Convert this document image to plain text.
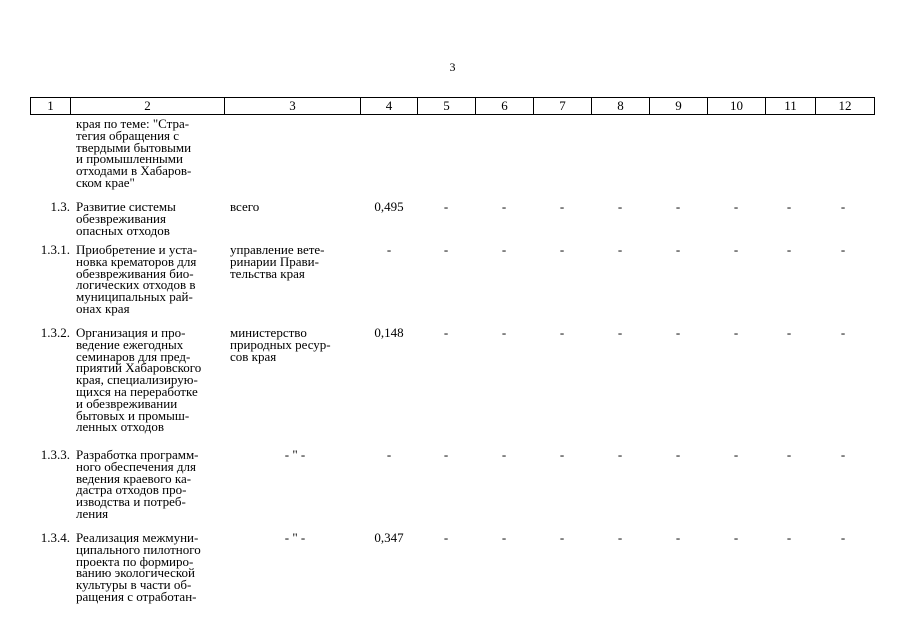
3
1	2	3	4	5	6	7	8	9	10	11	12
края по теме: "Стра-
тегия обращения с
твердыми бытовыми
и промышленными
отходами в Хабаров-
ском крае"
1.3. Развитие системы
обезвреживания
опасных отходов
всего	0,495	-	-	-	-	-	-	-	-
1.3.1. Приобретение и уста-
новка крематоров для
обезвреживания био-
логических отходов в
муниципальных рай-
онах края
управление вете-
ринарии Прави-
тельства края
-	-	-	-	-	-	-	-	-
1.3.2. Организация и про-
ведение ежегодных
семинаров для пред-
приятий Хабаровского
края, специализирую-
щихся на переработке
и обезвреживании
бытовых и промыш-
ленных отходов
министерство
природных ресур-
сов края
0,148	-	-	-	-	-	-	-	-
1.3.3. Разработка программ-
ного обеспечения для
ведения краевого ка-
дастра отходов про-
изводства и потреб-
ления
- " -	-	-	-	-	-	-	-	-	-
1.3.4. Реализация межмуни-
ципального пилотного
проекта по формиро-
ванию экологической
культуры в части об-
ращения с отработан-
- " -	0,347	-	-	-	-	-	-	-	-
